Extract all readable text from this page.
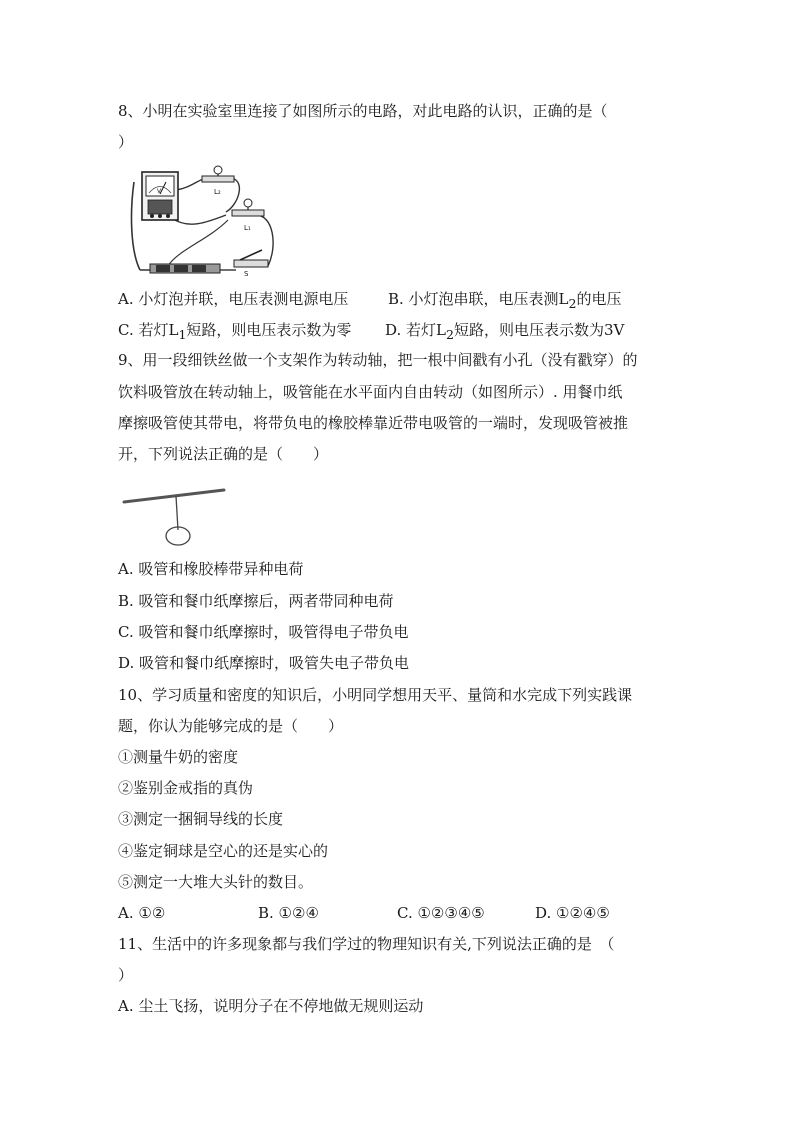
8、小明在实验室里连接了如图所示的电路，对此电路的认识，正确的是（
）
V	L₂
L₁
S
A. 小灯泡并联，电压表测电源电压	B. 小灯泡串联，电压表测$L_2$的电压
C. 若灯$L_1$短路，则电压表示数为零 D. 若灯$L_2$短路，则电压表示数为3V
9、用一段细铁丝做一个支架作为转动轴，把一根中间戳有小孔（没有戳穿）的
饮料吸管放在转动轴上，吸管能在水平面内自由转动（如图所示）. 用餐巾纸
摩擦吸管使其带电，将带负电的橡胶棒靠近带电吸管的一端时，发现吸管被推
开，下列说法正确的是（　　）
A. 吸管和橡胶棒带异种电荷
B. 吸管和餐巾纸摩擦后，两者带同种电荷
C. 吸管和餐巾纸摩擦时，吸管得电子带负电
D. 吸管和餐巾纸摩擦时，吸管失电子带负电
10、学习质量和密度的知识后，小明同学想用天平、量筒和水完成下列实践课
题，你认为能够完成的是（　　）
①测量牛奶的密度
②鉴别金戒指的真伪
③测定一捆铜导线的长度
④鉴定铜球是空心的还是实心的
⑤测定一大堆大头针的数目。
A. ①②	B. ①②④	C. ①②③④⑤	D. ①②④⑤
11、生活中的许多现象都与我们学过的物理知识有关,下列说法正确的是　（
）
A. 尘土飞扬，说明分子在不停地做无规则运动
